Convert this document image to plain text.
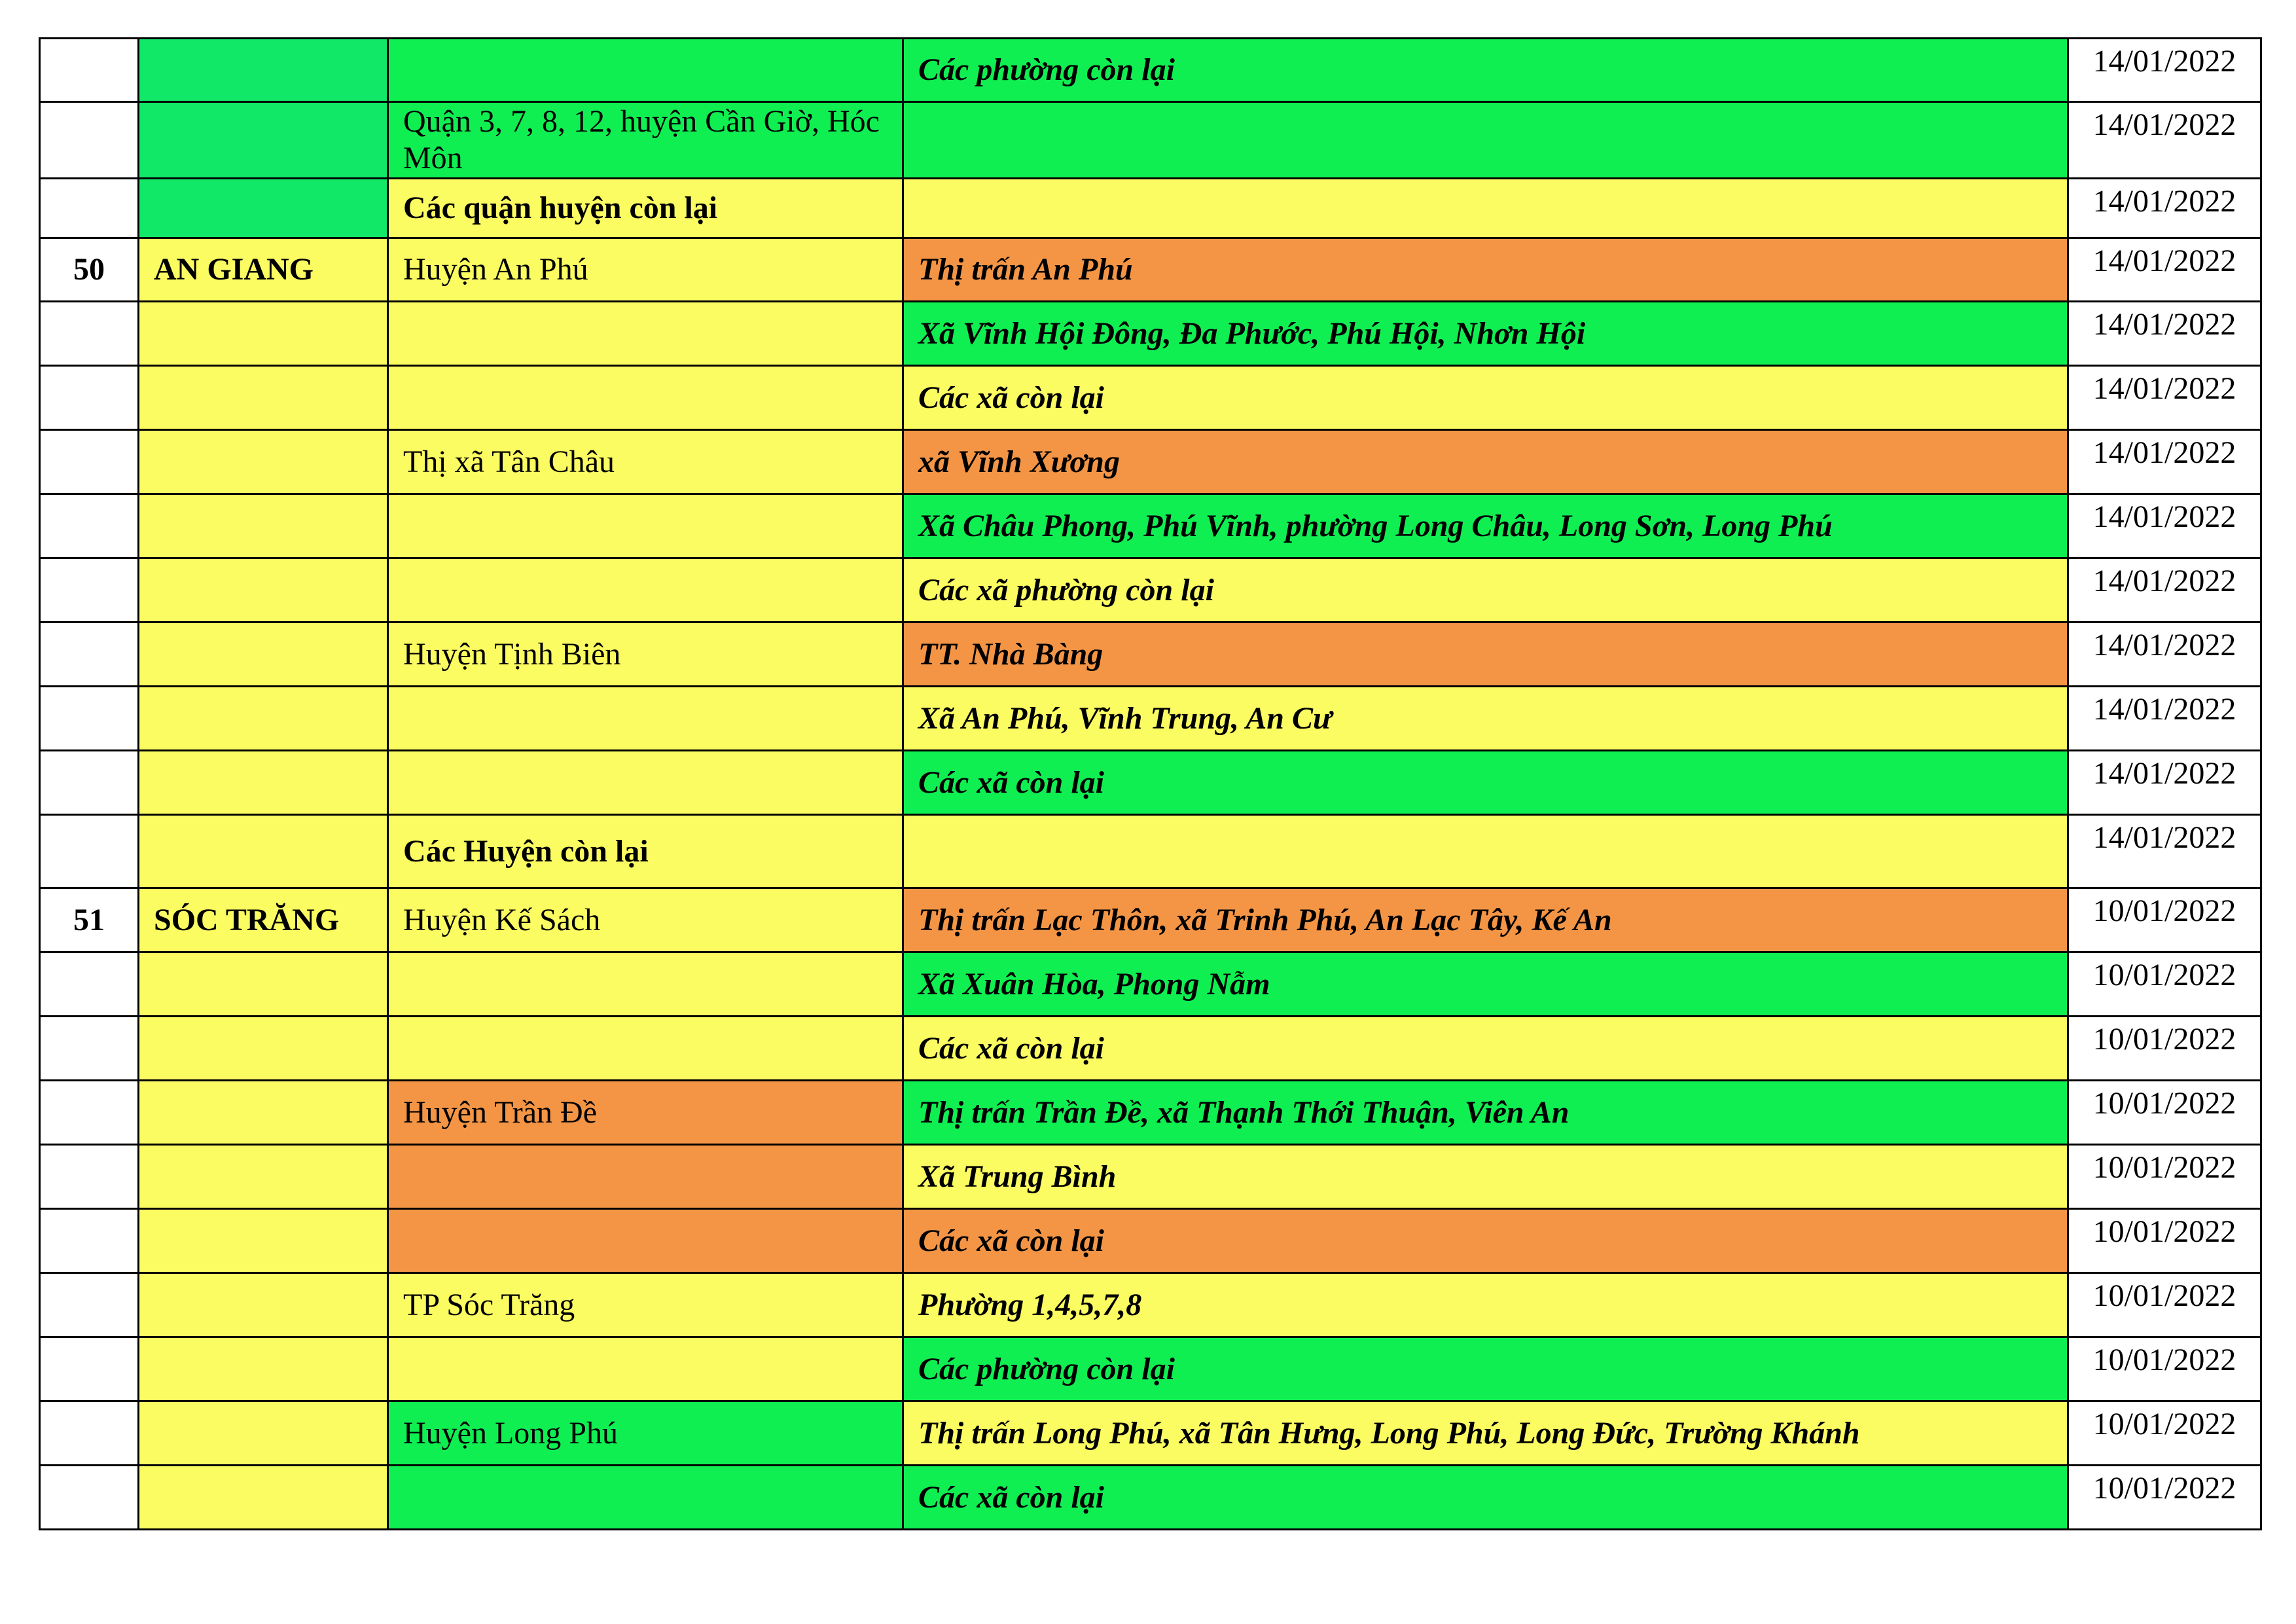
			Các phường còn lại	14/01/2022
		Quận 3, 7, 8, 12, huyện Cần Giờ, Hóc Môn		14/01/2022
		Các quận huyện còn lại		14/01/2022
50	AN GIANG	Huyện An Phú	Thị trấn An Phú	14/01/2022
			Xã Vĩnh Hội Đông, Đa Phước, Phú Hội, Nhơn Hội	14/01/2022
			Các xã còn lại	14/01/2022
		Thị xã Tân Châu	xã Vĩnh Xương	14/01/2022
			Xã Châu Phong, Phú Vĩnh, phường Long Châu, Long Sơn, Long Phú	14/01/2022
			Các xã phường còn lại	14/01/2022
		Huyện Tịnh Biên	TT. Nhà Bàng	14/01/2022
			Xã An Phú, Vĩnh Trung, An Cư	14/01/2022
			Các xã còn lại	14/01/2022
		Các Huyện còn lại		14/01/2022
51	SÓC TRĂNG	Huyện Kế Sách	Thị trấn Lạc Thôn, xã Trinh Phú, An Lạc Tây, Kế An	10/01/2022
			Xã Xuân Hòa, Phong Nẫm	10/01/2022
			Các xã còn lại	10/01/2022
		Huyện Trần Đề	Thị trấn Trần Đề, xã Thạnh Thới Thuận, Viên An	10/01/2022
			Xã Trung Bình	10/01/2022
			Các xã còn lại	10/01/2022
		TP Sóc Trăng	Phường 1,4,5,7,8	10/01/2022
			Các phường còn lại	10/01/2022
		Huyện Long Phú	Thị trấn Long Phú, xã Tân Hưng, Long Phú, Long Đức, Trường Khánh	10/01/2022
			Các xã còn lại	10/01/2022
